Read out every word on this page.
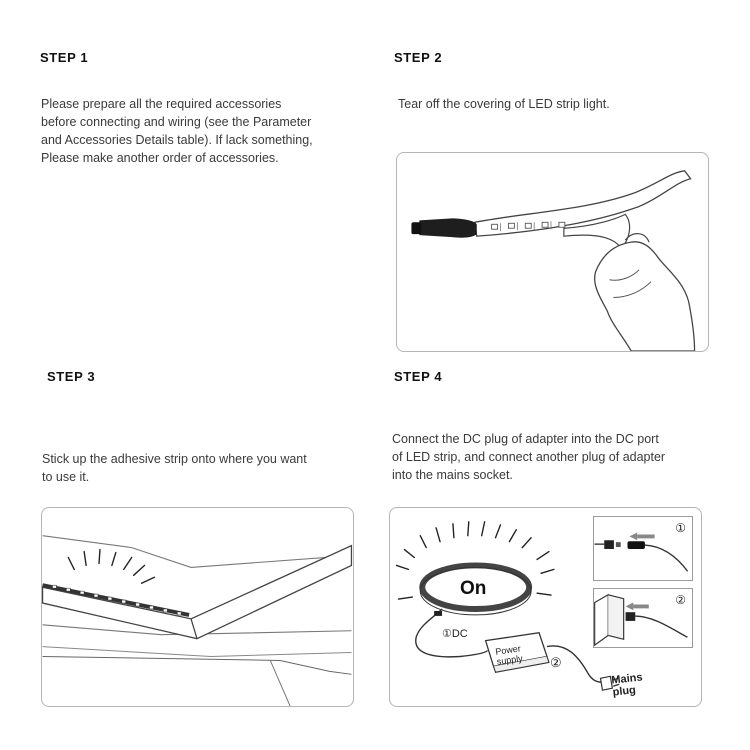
STEP 1
Please prepare all the required accessories
before connecting and wiring (see the Parameter
and Accessories Details table). If lack something,
Please make another order of accessories.
STEP 2
Tear off the covering of LED strip light.
STEP 3
Stick up the adhesive strip onto where you want
to use it.
STEP 4
Connect the DC plug of adapter into the DC port
of LED strip, and connect another plug of adapter
into the mains socket.
On
①DC
Power
supply ②
Mains
plug
①
②
